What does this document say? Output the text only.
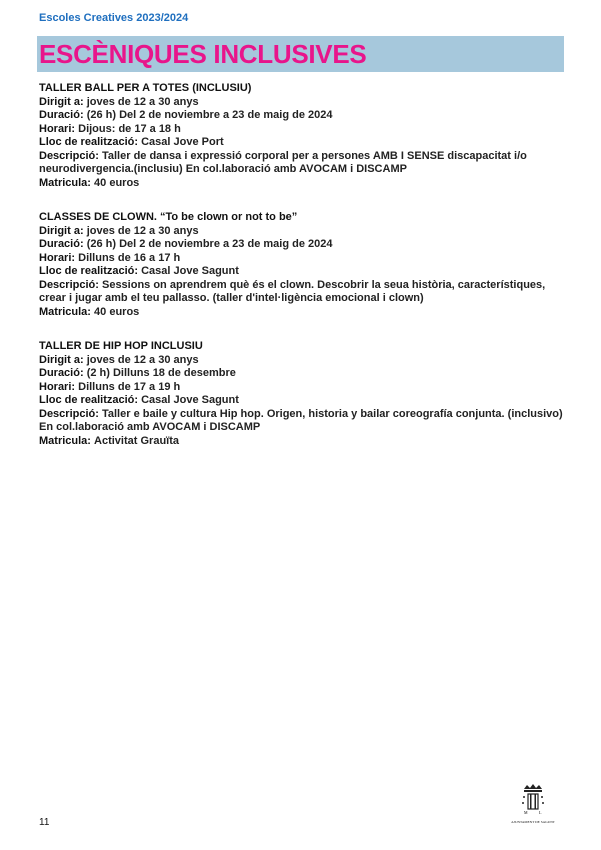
Escoles Creatives 2023/2024
ESCÈNIQUES INCLUSIVES
TALLER BALL PER A TOTES (INCLUSIU)
Dirigit a: joves de 12 a 30 anys
Duració: (26 h) Del 2 de noviembre a 23 de maig de 2024
Horari: Dijous: de 17 a 18 h
Lloc de realització: Casal Jove Port
Descripció: Taller de dansa i expressió corporal per a persones AMB I SENSE discapacitat i/o neurodivergencia.(inclusiu) En col.laboració amb AVOCAM i DISCAMP
Matricula: 40 euros
CLASSES DE CLOWN. “To be clown or not to be”
Dirigit a: joves de 12 a 30 anys
Duració: (26 h) Del 2 de noviembre a 23 de maig de 2024
Horari: Dilluns de 16 a 17 h
Lloc de realització: Casal Jove Sagunt
Descripció: Sessions on aprendrem què és el clown. Descobrir la seua història, característiques, crear i jugar amb el teu pallasso. (taller d'intel·ligència emocional i clown)
Matricula: 40 euros
TALLER DE HIP HOP INCLUSIU
Dirigit a: joves de 12 a 30 anys
Duració: (2 h) Dilluns 18 de desembre
Horari: Dilluns de 17 a 19 h
Lloc de realització: Casal Jove Sagunt
Descripció: Taller e baile y cultura Hip hop. Origen, historia y bailar coreografía conjunta. (inclusivo) En col.laboració amb AVOCAM i DISCAMP
Matricula: Activitat Grauïta
11
M	L
AJUNTAMENT DE SAGUNT
